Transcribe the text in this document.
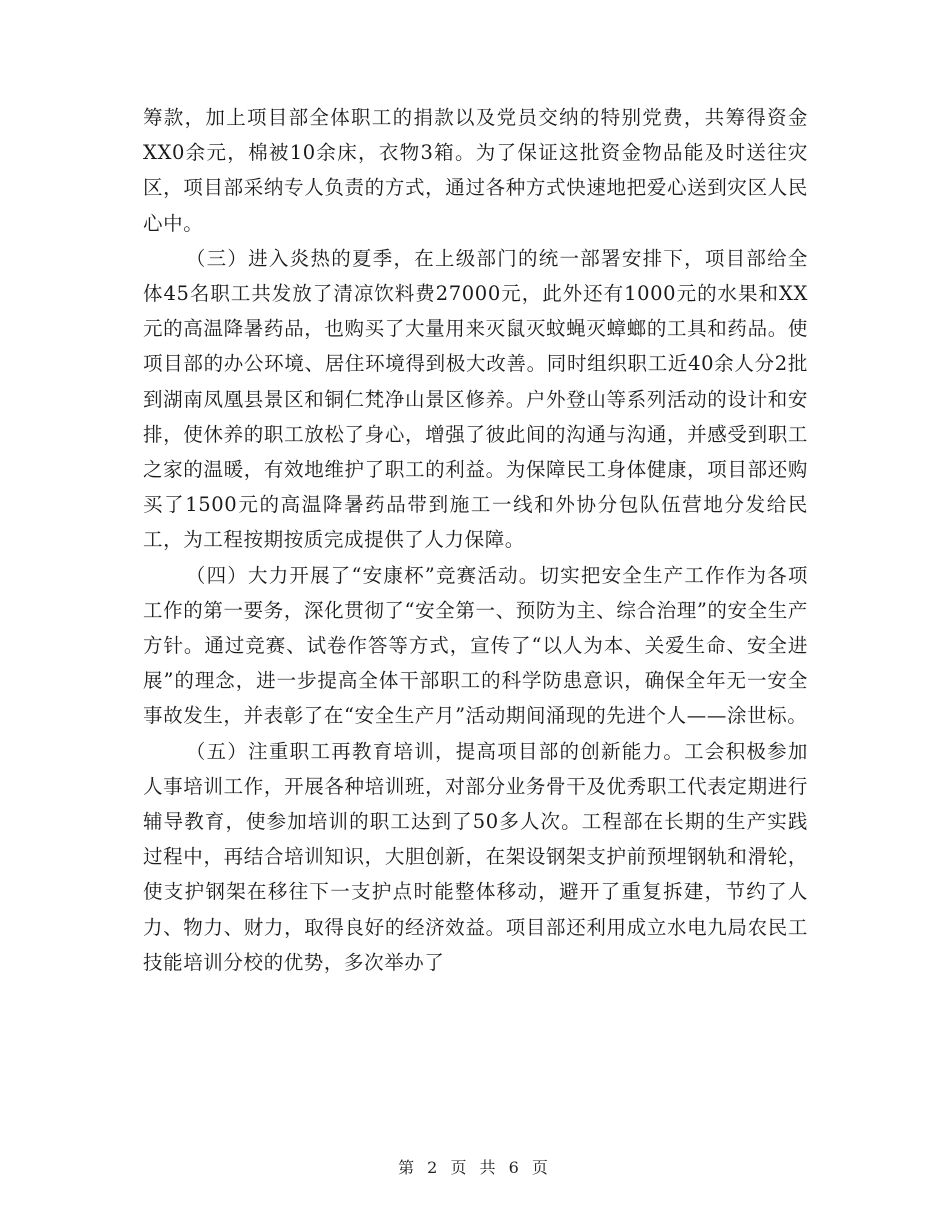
筹款，加上项目部全体职工的捐款以及党员交纳的特别党费，共筹得资金XX0余元，棉被10余床，衣物3箱。为了保证这批资金物品能及时送往灾区，项目部采纳专人负责的方式，通过各种方式快速地把爱心送到灾区人民心中。

（三）进入炎热的夏季，在上级部门的统一部署安排下，项目部给全体45名职工共发放了清凉饮料费27000元，此外还有1000元的水果和XX元的高温降暑药品，也购买了大量用来灭鼠灭蚊蝇灭蟑螂的工具和药品。使项目部的办公环境、居住环境得到极大改善。同时组织职工近40余人分2批到湖南凤凰县景区和铜仁梵净山景区修养。户外登山等系列活动的设计和安排，使休养的职工放松了身心，增强了彼此间的沟通与沟通，并感受到职工之家的温暖，有效地维护了职工的利益。为保障民工身体健康，项目部还购买了1500元的高温降暑药品带到施工一线和外协分包队伍营地分发给民工，为工程按期按质完成提供了人力保障。

（四）大力开展了“安康杯”竞赛活动。切实把安全生产工作作为各项工作的第一要务，深化贯彻了“安全第一、预防为主、综合治理”的安全生产方针。通过竞赛、试卷作答等方式，宣传了“以人为本、关爱生命、安全进展”的理念，进一步提高全体干部职工的科学防患意识，确保全年无一安全事故发生，并表彰了在“安全生产月”活动期间涌现的先进个人——涂世标。

（五）注重职工再教育培训，提高项目部的创新能力。工会积极参加人事培训工作，开展各种培训班，对部分业务骨干及优秀职工代表定期进行辅导教育，使参加培训的职工达到了50多人次。工程部在长期的生产实践过程中，再结合培训知识，大胆创新，在架设钢架支护前预埋钢轨和滑轮，使支护钢架在移往下一支护点时能整体移动，避开了重复拆建，节约了人力、物力、财力，取得良好的经济效益。项目部还利用成立水电九局农民工技能培训分校的优势，多次举办了

第 2 页 共 6 页
